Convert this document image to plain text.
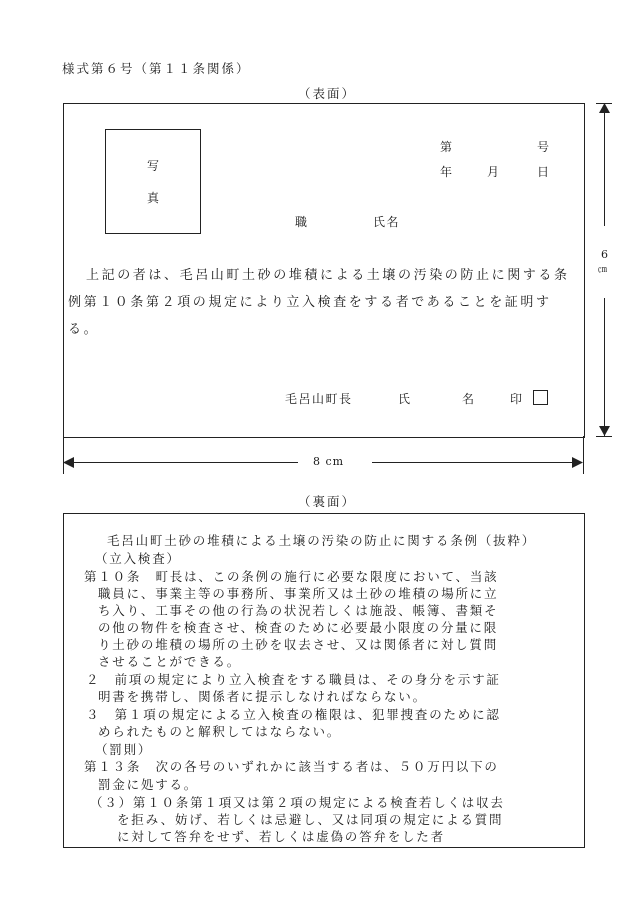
様式第６号（第１１条関係）
（表面）
写
真
第	号
年	月	日
職	氏名
上記の者は、毛呂山町土砂の堆積による土壌の汚染の防止に関する条
例第１０条第２項の規定により立入検査をする者であることを証明す
る。
毛呂山町長	氏	名	印
6
㎝
8 cm
（裏面）
毛呂山町土砂の堆積による土壌の汚染の防止に関する条例（抜粋）
（立入検査）
第１０条　町長は、この条例の施行に必要な限度において、当該
職員に、事業主等の事務所、事業所又は土砂の堆積の場所に立
ち入り、工事その他の行為の状況若しくは施設、帳簿、書類そ
の他の物件を検査させ、検査のために必要最小限度の分量に限
り土砂の堆積の場所の土砂を収去させ、又は関係者に対し質問
させることができる。
２　前項の規定により立入検査をする職員は、その身分を示す証
明書を携帯し、関係者に提示しなければならない。
３　第１項の規定による立入検査の権限は、犯罪捜査のために認
められたものと解釈してはならない。
（罰則）
第１３条　次の各号のいずれかに該当する者は、５０万円以下の
罰金に処する。
（３）第１０条第１項又は第２項の規定による検査若しくは収去
を拒み、妨げ、若しくは忌避し、又は同項の規定による質問
に対して答弁をせず、若しくは虚偽の答弁をした者
